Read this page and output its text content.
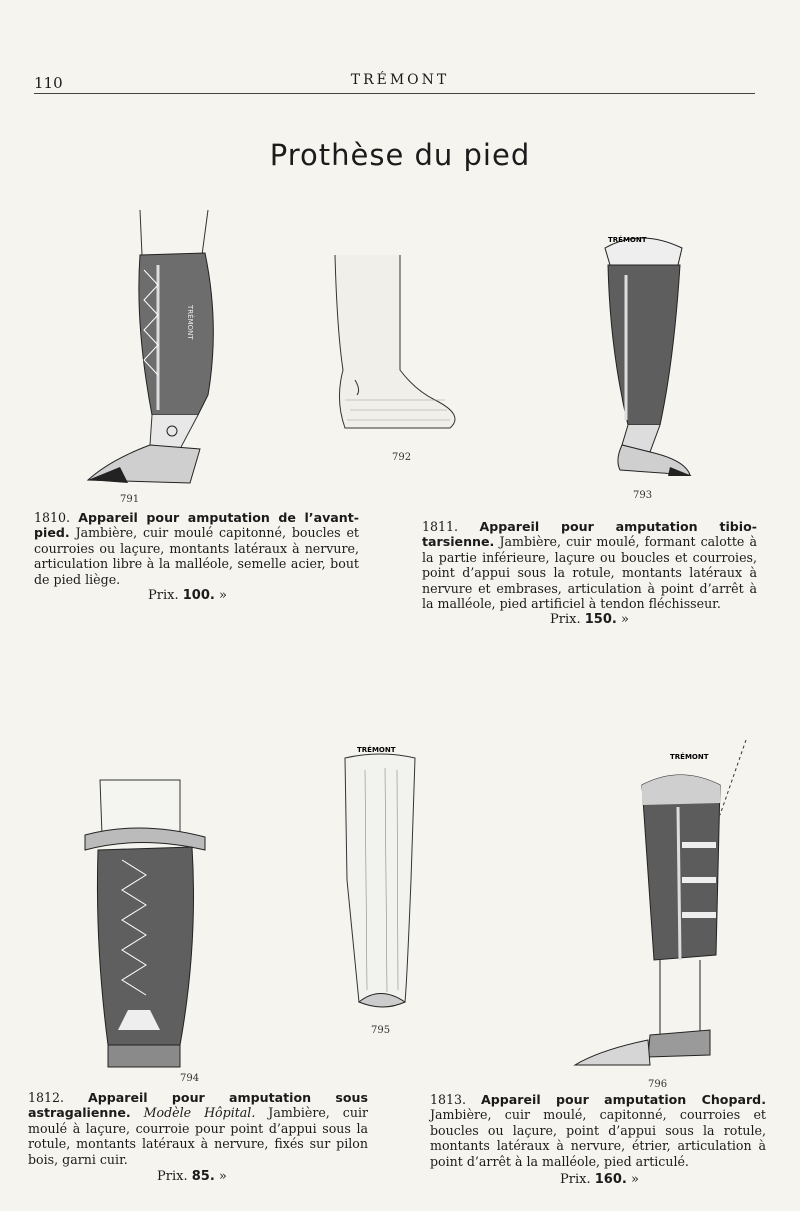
110	TRÉMONT
Prothèse du pied
TRÉMONT
791
792
TRÉMONT
793
1810. Appareil pour amputation de l’avant-pied. Jambière, cuir moulé capitonné, boucles et courroies ou laçure, montants latéraux à nervure, articulation libre à la malléole, semelle acier, bout de pied liège.
Prix. 100. »
1811. Appareil pour amputation tibio-tarsienne. Jambière, cuir moulé, formant calotte à la partie inférieure, laçure ou boucles et courroies, point d’appui sous la rotule, montants latéraux à nervure et embrases, articulation à point d’arrêt à la malléole, pied artificiel à tendon fléchisseur.
Prix. 150. »
794
TRÉMONT
795
TRÉMONT
796
1812. Appareil pour amputation sous astragalienne. Modèle Hôpital. Jambière, cuir moulé à laçure, courroie pour point d’appui sous la rotule, montants latéraux à nervure, fixés sur pilon bois, garni cuir.
Prix. 85. »
1813. Appareil pour amputation Chopard. Jambière, cuir moulé, capitonné, courroies et boucles ou laçure, point d’appui sous la rotule, montants latéraux à nervure, étrier, articulation à point d’arrêt à la malléole, pied articulé.
Prix. 160. »
